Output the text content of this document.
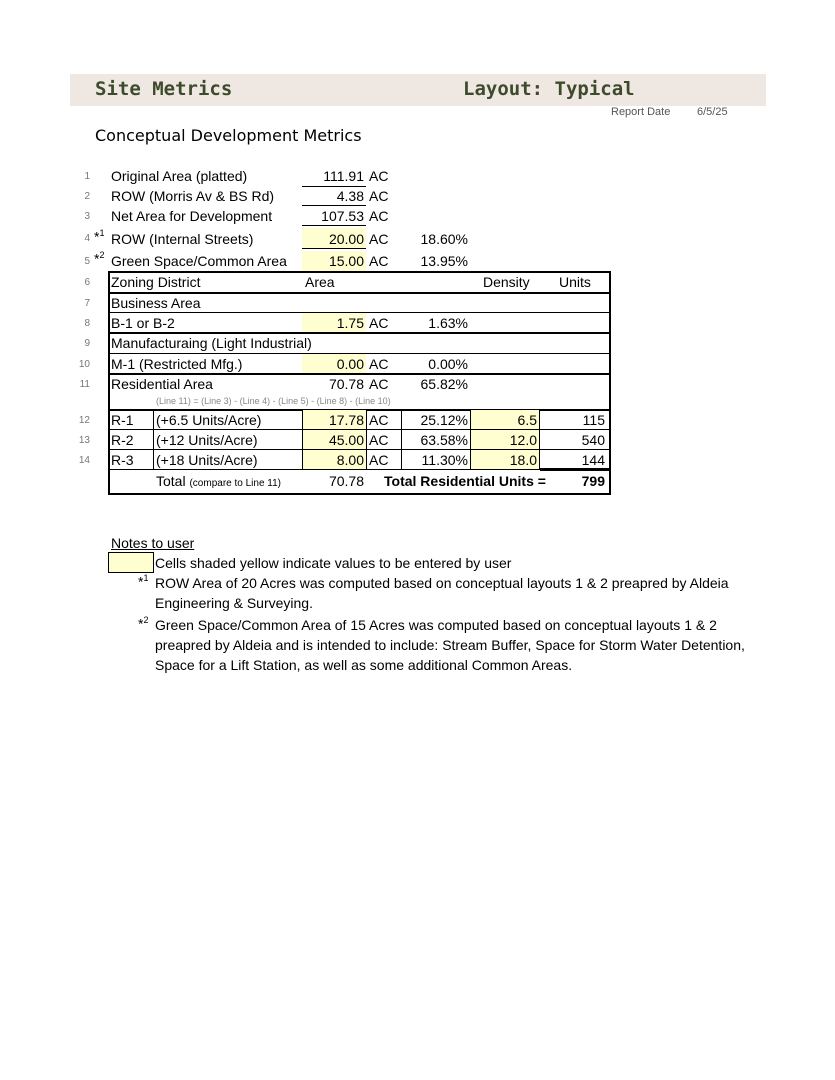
Site Metrics	Layout: Typical
Report Date 6/5/25
Conceptual Development Metrics
1 Original Area (platted)	111.91 AC
2 ROW (Morris Av & BS Rd)	4.38 AC
3 Net Area for Development	107.53 AC
4 *$^1$ ROW (Internal Streets)	20.00 AC	18.60%
5 *$^2$ Green Space/Common Area	15.00 AC	13.95%
6 Zoning District	Area	Density Units
7 Business Area
8 B-1 or B-2	1.75 AC	1.63%
9 Manufacturaing (Light Industrial)
10 M-1 (Restricted Mfg.)	0.00 AC	0.00%
11 Residential Area	70.78 AC	65.82%
(Line 11) = (Line 3) - (Line 4) - (Line 5) - (Line 8) - (Line 10)
12 R-1 (+6.5 Units/Acre)	17.78 AC	25.12%	6.5	115
13 R-2 (+12 Units/Acre)	45.00 AC	63.58%	12.0	540
14 R-3 (+18 Units/Acre)	8.00 AC	11.30%	18.0	144
Total (compare to Line 11)	70.78 Total Residential Units =	799
Notes to user
Cells shaded yellow indicate values to be entered by user
*$^1$ ROW Area of 20 Acres was computed based on conceptual layouts 1 & 2 preapred by Aldeia
Engineering & Surveying.
*$^2$ Green Space/Common Area of 15 Acres was computed based on conceptual layouts 1 & 2
preapred by Aldeia and is intended to include: Stream Buffer, Space for Storm Water Detention,
Space for a Lift Station, as well as some additional Common Areas.
